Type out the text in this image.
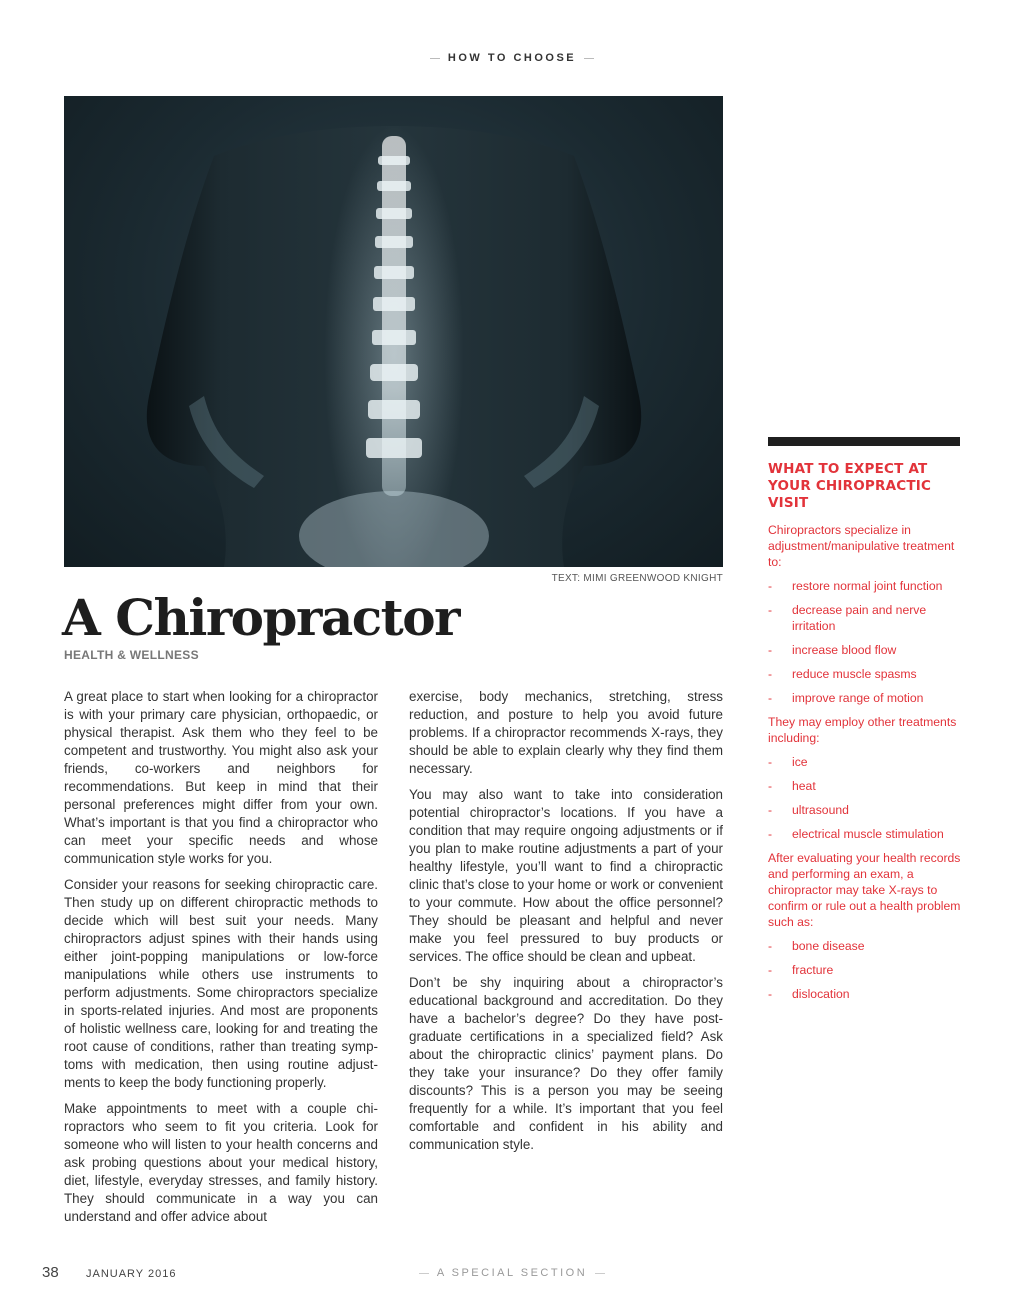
HOW TO CHOOSE
TEXT: MIMI GREENWOOD KNIGHT
A Chiropractor
HEALTH & WELLNESS

A great place to start when looking for a chiropractor is with your primary care physician, orthopaedic, or physical therapist. Ask them who they feel to be competent and trustworthy. You might also ask your friends, co-workers and neighbors for recommendations. But keep in mind that their personal preferences might differ from your own. What’s important is that you find a chiropractor who can meet your specific needs and whose communication style works for you.

Consider your reasons for seeking chiropractic care. Then study up on different chiropractic methods to decide which will best suit your needs. Many chiropractors adjust spines with their hands using either joint-popping manipulations or low-force manipulations while others use instruments to perform adjustments. Some chiropractors specialize in sports-related injuries. And most are proponents of holistic wellness care, looking for and treating the root cause of conditions, rather than treating symptoms with medication, then using routine adjustments to keep the body functioning properly.

Make appointments to meet with a couple chiropractors who seem to fit you criteria. Look for someone who will listen to your health concerns and ask probing questions about your medical history, diet, lifestyle, everyday stresses, and family history. They should communicate in a way you can understand and offer advice about

exercise, body mechanics, stretching, stress reduction, and posture to help you avoid future problems. If a chiropractor recommends X-rays, they should be able to explain clearly why they find them necessary.

You may also want to take into consideration potential chiropractor’s locations. If you have a condition that may require ongoing adjustments or if you plan to make routine adjustments a part of your healthy lifestyle, you’ll want to find a chiropractic clinic that’s close to your home or work or convenient to your commute. How about the office personnel? They should be pleasant and helpful and never make you feel pressured to buy products or services. The office should be clean and upbeat.

Don’t be shy inquiring about a chiropractor’s educational background and accreditation. Do they have a bachelor’s degree? Do they have post-graduate certifications in a specialized field? Ask about the chiropractic clinics’ payment plans. Do they take your insurance? Do they offer family discounts? This is a person you may be seeing frequently for a while. It’s important that you feel comfortable and confident in his ability and communication style.

WHAT TO EXPECT AT YOUR CHIROPRACTIC VISIT

Chiropractors specialize in adjustment/manipulative treatment to:

- restore normal joint function
- decrease pain and nerve irritation
- increase blood flow
- reduce muscle spasms
- improve range of motion

They may employ other treatments including:

- ice
- heat
- ultrasound
- electrical muscle stimulation

After evaluating your health records and performing an exam, a chiropractor may take X-rays to confirm or rule out a health problem such as:

- bone disease
- fracture
- dislocation
38 JANUARY 2016	A SPECIAL SECTION
